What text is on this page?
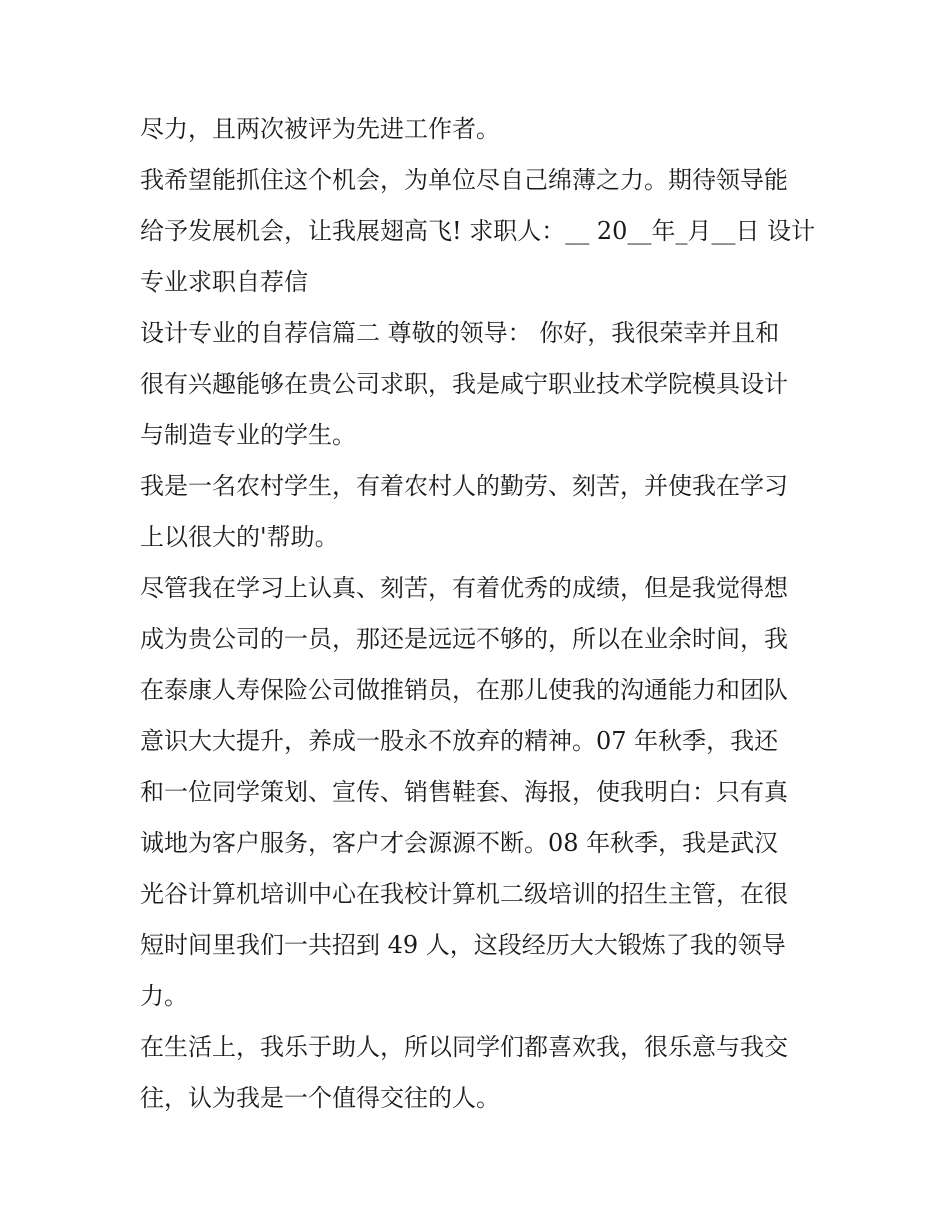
尽力，且两次被评为先进工作者。
我希望能抓住这个机会，为单位尽自己绵薄之力。期待领导能
给予发展机会，让我展翅高飞! 求职人：__ 20__年_月__日 设计
专业求职自荐信
设计专业的自荐信篇二 尊敬的领导： 你好，我很荣幸并且和
很有兴趣能够在贵公司求职，我是咸宁职业技术学院模具设计
与制造专业的学生。
我是一名农村学生，有着农村人的勤劳、刻苦，并使我在学习
上以很大的'帮助。
尽管我在学习上认真、刻苦，有着优秀的成绩，但是我觉得想
成为贵公司的一员，那还是远远不够的，所以在业余时间，我
在泰康人寿保险公司做推销员，在那儿使我的沟通能力和团队
意识大大提升，养成一股永不放弃的精神。07 年秋季，我还
和一位同学策划、宣传、销售鞋套、海报，使我明白：只有真
诚地为客户服务，客户才会源源不断。08 年秋季，我是武汉
光谷计算机培训中心在我校计算机二级培训的招生主管，在很
短时间里我们一共招到 49 人，这段经历大大锻炼了我的领导
力。
在生活上，我乐于助人，所以同学们都喜欢我，很乐意与我交
往，认为我是一个值得交往的人。
